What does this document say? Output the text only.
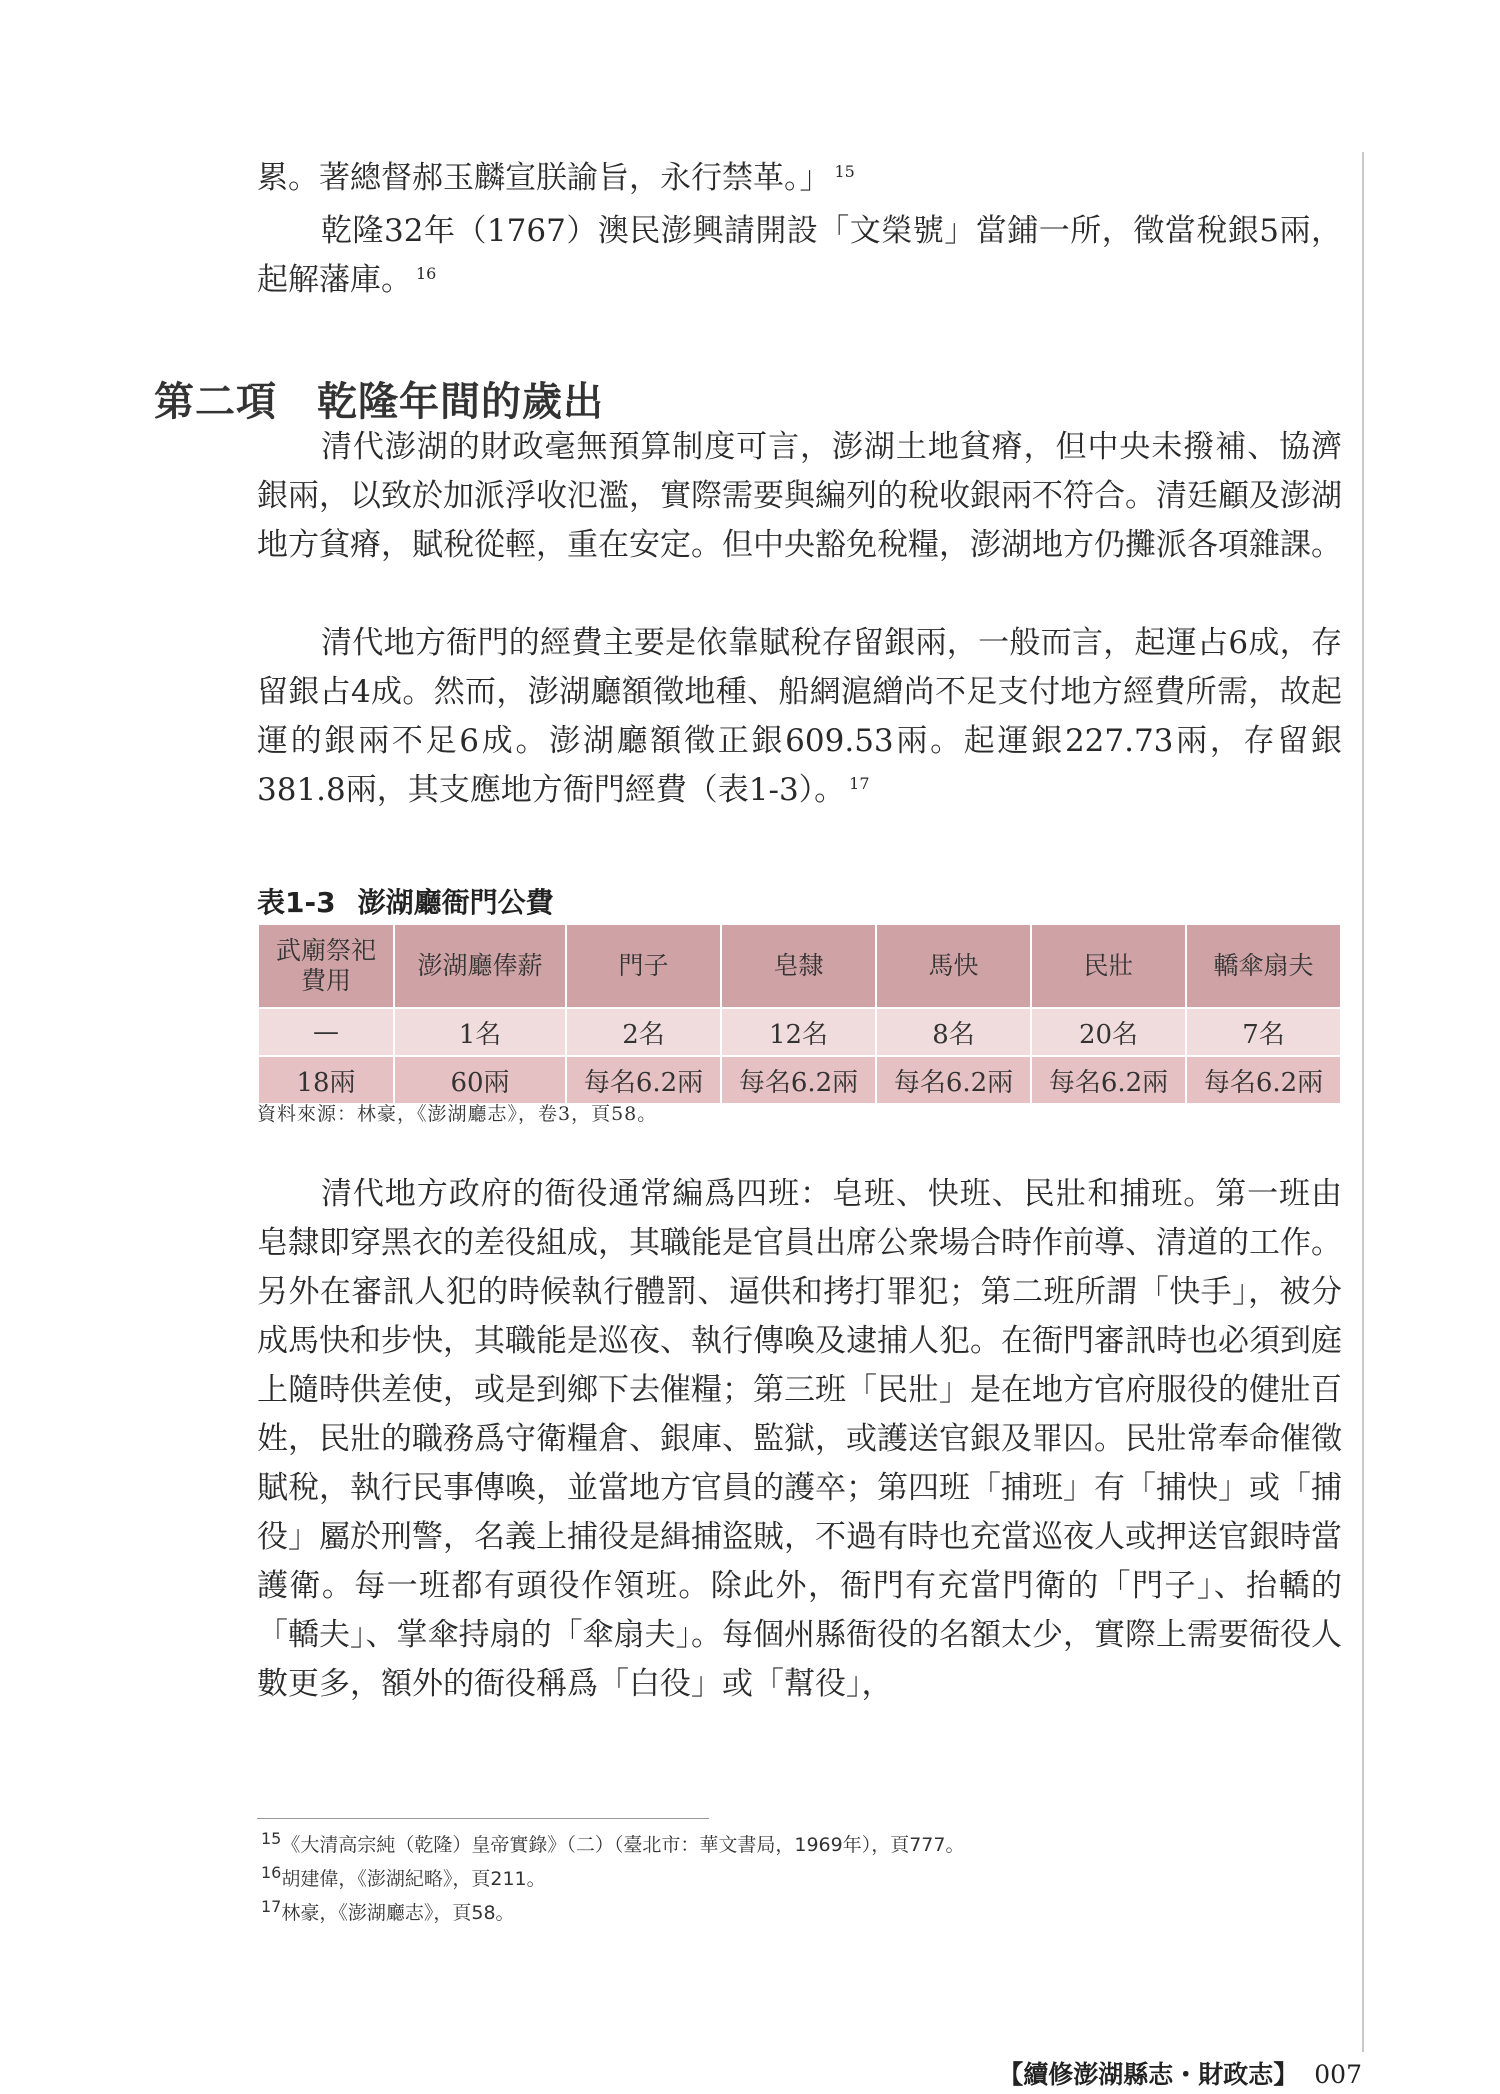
累。著總督郝玉麟宣朕諭旨，永行禁革。」 $^{15}$

乾隆32年（1767）澳民澎興請開設「文榮號」當鋪一所，徵當稅銀5兩，起解藩庫。 $^{16}$

第二項 乾隆年間的歲出

清代澎湖的財政毫無預算制度可言，澎湖土地貧瘠，但中央未撥補、協濟銀兩，以致於加派浮收氾濫，實際需要與編列的稅收銀兩不符合。清廷顧及澎湖地方貧瘠，賦稅從輕，重在安定。但中央豁免稅糧，澎湖地方仍攤派各項雜課。

清代地方衙門的經費主要是依靠賦稅存留銀兩，一般而言，起運占6成，存留銀占4成。然而，澎湖廳額徵地種、船網滬繒尚不足支付地方經費所需，故起運的銀兩不足6成。澎湖廳額徵正銀609.53兩。起運銀227.73兩，存留銀381.8兩，其支應地方衙門經費（表1-3）。 $^{17}$

表1-3 澎湖廳衙門公費

武廟祭祀費用	澎湖廳俸薪	門子	皂隸	馬快	民壯	轎傘扇夫
—	1名	2名	12名	8名	20名	7名
18兩	60兩	每名6.2兩	每名6.2兩	每名6.2兩	每名6.2兩	每名6.2兩

資料來源：林豪，《澎湖廳志》，卷3，頁58。

清代地方政府的衙役通常編爲四班：皂班、快班、民壯和捕班。第一班由皂隸即穿黑衣的差役組成，其職能是官員出席公衆場合時作前導、清道的工作。另外在審訊人犯的時候執行體罰、逼供和拷打罪犯；第二班所謂「快手」，被分成馬快和步快，其職能是巡夜、執行傳喚及逮捕人犯。在衙門審訊時也必須到庭上隨時供差使，或是到鄉下去催糧；第三班「民壯」是在地方官府服役的健壯百姓，民壯的職務爲守衛糧倉、銀庫、監獄，或護送官銀及罪囚。民壯常奉命催徵賦稅，執行民事傳喚，並當地方官員的護卒；第四班「捕班」有「捕快」或「捕役」屬於刑警，名義上捕役是緝捕盜賊，不過有時也充當巡夜人或押送官銀時當護衛。每一班都有頭役作領班。除此外，衙門有充當門衛的「門子」、抬轎的「轎夫」、掌傘持扇的「傘扇夫」。每個州縣衙役的名額太少，實際上需要衙役人數更多，額外的衙役稱爲「白役」或「幫役」，

$^{15}$《大清高宗純（乾隆）皇帝實錄》（二）（臺北市：華文書局，1969年），頁777。

$^{16}$胡建偉，《澎湖紀略》，頁211。

$^{17}$林豪，《澎湖廳志》，頁58。

【續修澎湖縣志・財政志】 007
